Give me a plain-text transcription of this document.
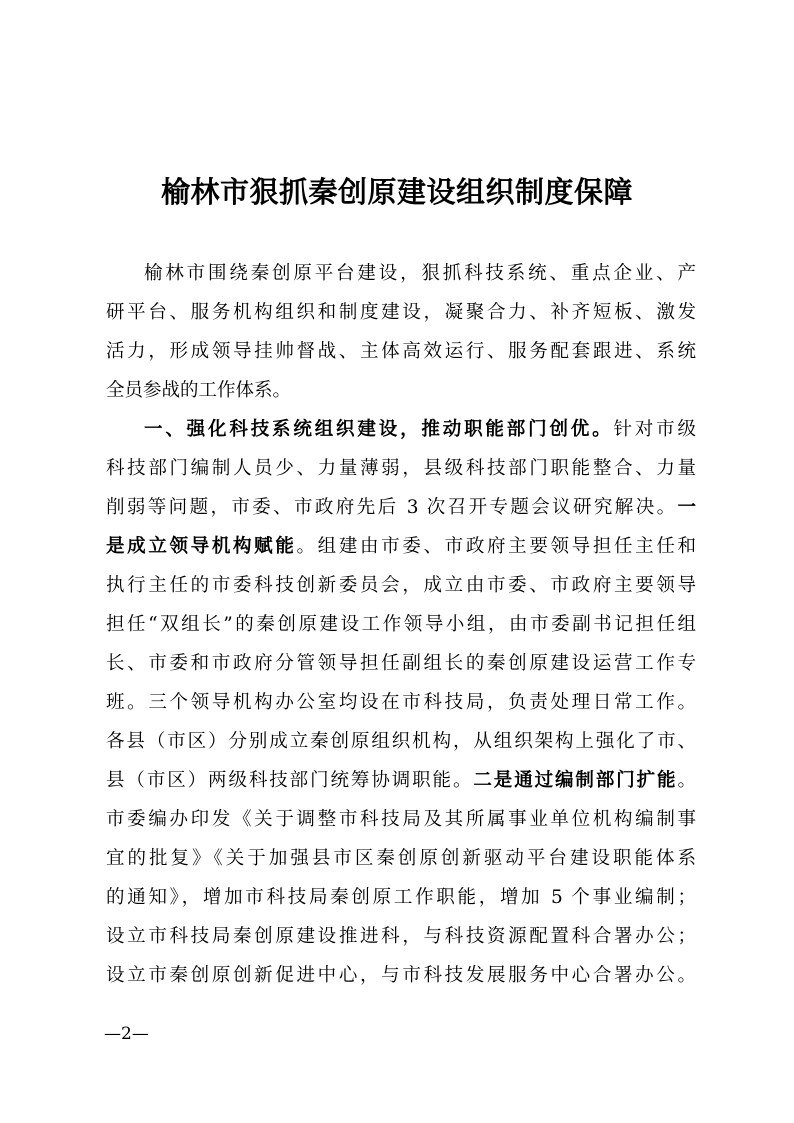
榆林市狠抓秦创原建设组织制度保障
榆林市围绕秦创原平台建设，狠抓科技系统、重点企业、产
研平台、服务机构组织和制度建设，凝聚合力、补齐短板、激发
活力，形成领导挂帅督战、主体高效运行、服务配套跟进、系统
全员参战的工作体系。
一、强化科技系统组织建设，推动职能部门创优。针对市级
科技部门编制人员少、力量薄弱，县级科技部门职能整合、力量
削弱等问题，市委、市政府先后 3 次召开专题会议研究解决。一
是成立领导机构赋能。组建由市委、市政府主要领导担任主任和
执行主任的市委科技创新委员会，成立由市委、市政府主要领导
担任“双组长”的秦创原建设工作领导小组，由市委副书记担任组
长、市委和市政府分管领导担任副组长的秦创原建设运营工作专
班。三个领导机构办公室均设在市科技局，负责处理日常工作。
各县（市区）分别成立秦创原组织机构，从组织架构上强化了市、
县（市区）两级科技部门统筹协调职能。二是通过编制部门扩能。
市委编办印发《关于调整市科技局及其所属事业单位机构编制事
宜的批复》《关于加强县市区秦创原创新驱动平台建设职能体系
的通知》，增加市科技局秦创原工作职能，增加 5 个事业编制；
设立市科技局秦创原建设推进科，与科技资源配置科合署办公；
设立市秦创原创新促进中心，与市科技发展服务中心合署办公。
—2—
